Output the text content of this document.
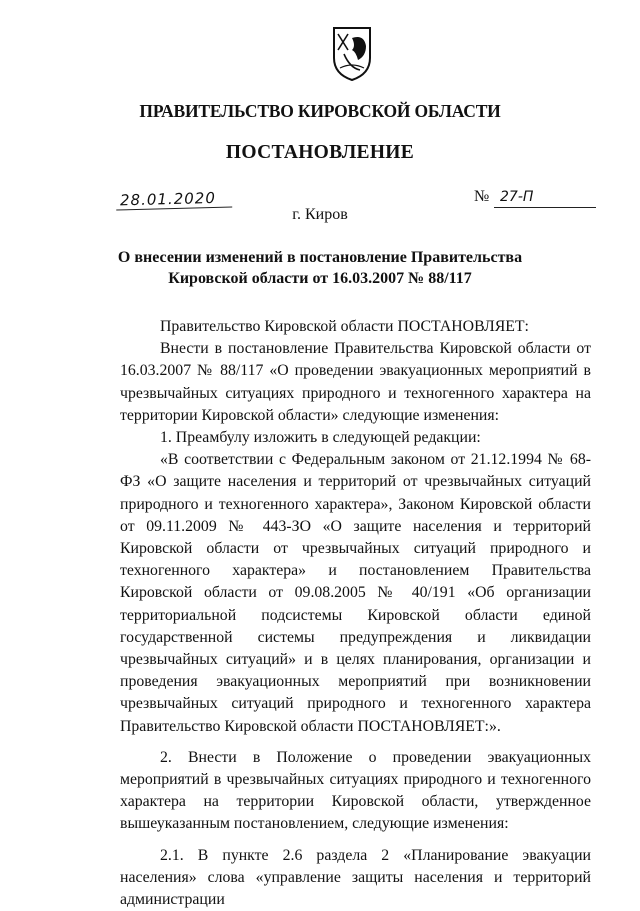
ПРАВИТЕЛЬСТВО КИРОВСКОЙ ОБЛАСТИ
ПОСТАНОВЛЕНИЕ
28.01.2020	№ 27-П
г. Киров
О внесении изменений в постановление Правительства
Кировской области от 16.03.2007 № 88/117

Правительство Кировской области ПОСТАНОВЛЯЕТ:

Внести в постановление Правительства Кировской области от 16.03.2007 № 88/117 «О проведении эвакуационных мероприятий в чрезвычайных ситуациях природного и техногенного характера на территории Кировской области» следующие изменения:

1. Преамбулу изложить в следующей редакции:

«В соответствии с Федеральным законом от 21.12.1994 № 68-ФЗ «О защите населения и территорий от чрезвычайных ситуаций природного и техногенного характера», Законом Кировской области от 09.11.2009 № 443-ЗО «О защите населения и территорий Кировской области от чрезвычайных ситуаций природного и техногенного характера» и постановлением Правительства Кировской области от 09.08.2005 № 40/191 «Об организации территориальной подсистемы Кировской области единой государственной системы предупреждения и ликвидации чрезвычайных ситуаций» и в целях планирования, организации и проведения эвакуационных мероприятий при возникновении чрезвычайных ситуаций природного и техногенного характера Правительство Кировской области ПОСТАНОВЛЯЕТ:».

2. Внести в Положение о проведении эвакуационных мероприятий в чрезвычайных ситуациях природного и техногенного характера на территории Кировской области, утвержденное вышеуказанным постановлением, следующие изменения:

2.1. В пункте 2.6 раздела 2 «Планирование эвакуации населения» слова «управление защиты населения и территорий администрации
